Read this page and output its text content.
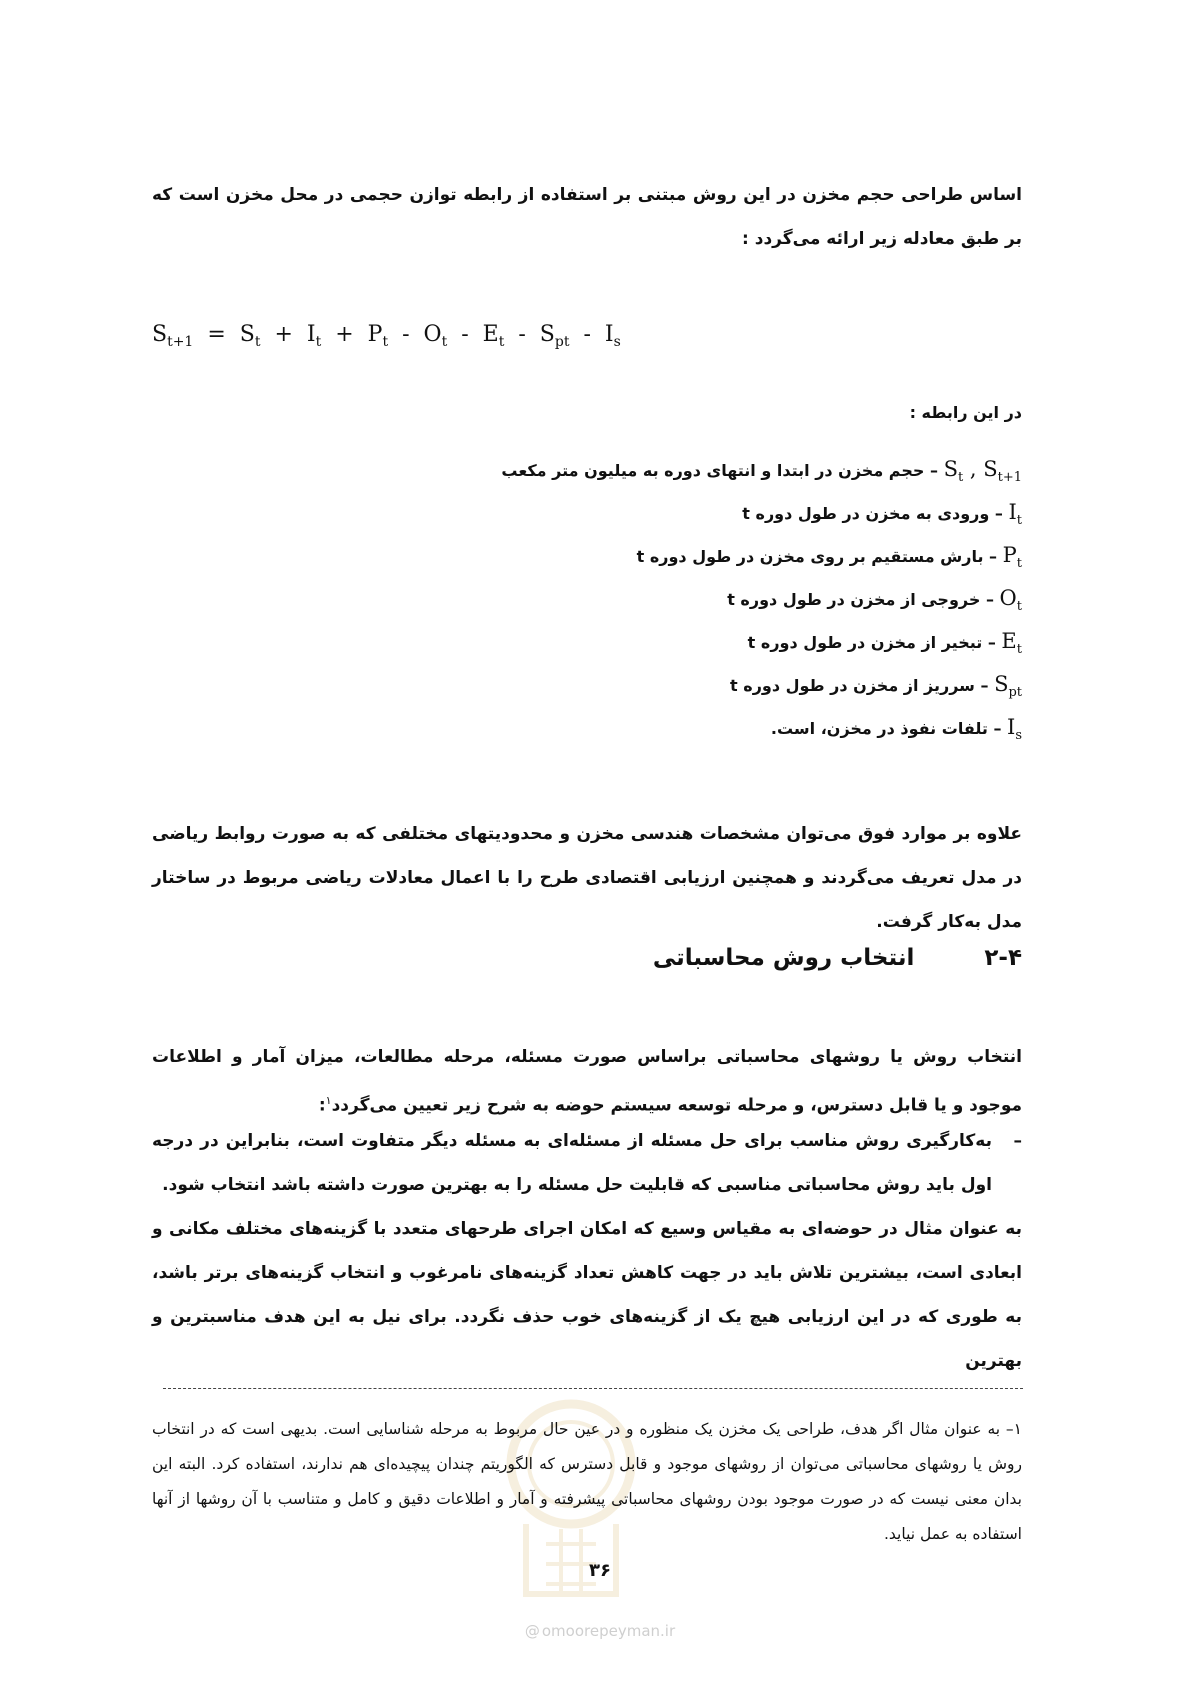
اساس طراحی حجم مخزن در این روش مبتنی بر استفاده از رابطه توازن حجمی در محل مخزن است که بر طبق معادله زیر ارائه می‌گردد :

$S_{t+1} = S_t + I_t + P_t - O_t - E_t - S_{pt} - I_s$
در این رابطه :
$S_t$ , $S_{t+1}$ – حجم مخزن در ابتدا و انتهای دوره به میلیون متر مکعب
$I_t$ – ورودی به مخزن در طول دوره t
$P_t$ – بارش مستقیم بر روی مخزن در طول دوره t
$O_t$ – خروجی از مخزن در طول دوره t
$E_t$ – تبخیر از مخزن در طول دوره t
$S_{pt}$ – سرریز از مخزن در طول دوره t
$I_s$ – تلفات نفوذ در مخزن، است.

علاوه بر موارد فوق می‌توان مشخصات هندسی مخزن و محدودیتهای مختلفی که به صورت روابط ریاضی در مدل تعریف می‌گردند و همچنین ارزیابی اقتصادی طرح را با اعمال معادلات ریاضی مربوط در ساختار مدل به‌کار گرفت.

۲-۴ انتخاب روش محاسباتی

انتخاب روش یا روشهای محاسباتی براساس صورت مسئله، مرحله مطالعات، میزان آمار و اطلاعات موجود و یا قابل دسترس، و مرحله توسعه سیستم حوضه به شرح زیر تعیین می‌گردد$^۱$:

–
به‌کارگیری روش مناسب برای حل مسئله از مسئله‌ای به مسئله دیگر متفاوت است، بنابراین در درجه اول باید روش محاسباتی مناسبی که قابلیت حل مسئله را به بهترین صورت داشته باشد انتخاب شود.

به عنوان مثال در حوضه‌ای به مقیاس وسیع که امکان اجرای طرحهای متعدد با گزینه‌های مختلف مکانی و ابعادی است، بیشترین تلاش باید در جهت کاهش تعداد گزینه‌های نامرغوب و انتخاب گزینه‌های برتر باشد، به طوری که در این ارزیابی هیچ یک از گزینه‌های خوب حذف نگردد. برای نیل به این هدف مناسبترین و بهترین

۱– به عنوان مثال اگر هدف، طراحی یک مخزن یک منظوره و در عین حال مربوط به مرحله شناسایی است. بدیهی است که در انتخاب روش یا روشهای محاسباتی می‌توان از روشهای موجود و قابل دسترس که الگوریتم چندان پیچیده‌ای هم ندارند، استفاده کرد. البته این بدان معنی نیست که در صورت موجود بودن روشهای محاسباتی پیشرفته و آمار و اطلاعات دقیق و کامل و متناسب با آن روشها از آنها استفاده به عمل نیاید.

۳۶
@ omoorepeyman.ir
